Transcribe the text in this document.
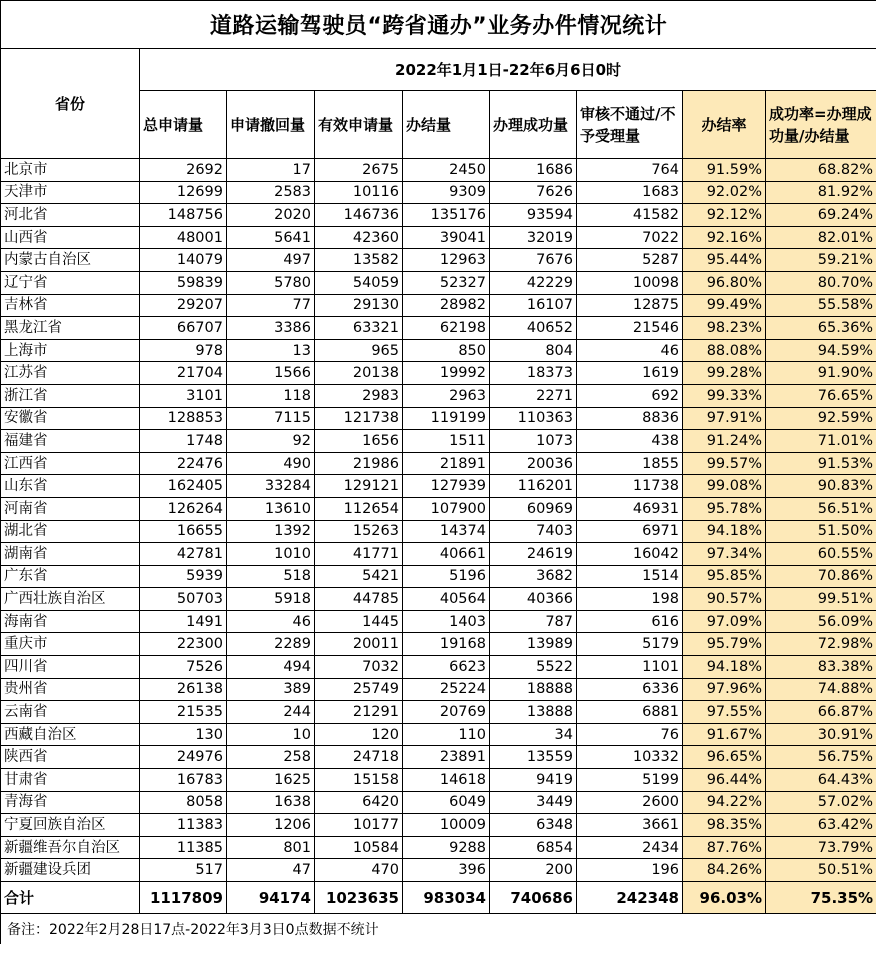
道路运输驾驶员“跨省通办”业务办件情况统计								
省份	2022年1月1日-22年6月6日0时							
	总申请量	申请撤回量	有效申请量	办结量	办理成功量	审核不通过/不予受理量	办结率	成功率=办理成功量/办结量
北京市	2692	17	2675	2450	1686	764	91.59%	68.82%
天津市	12699	2583	10116	9309	7626	1683	92.02%	81.92%
河北省	148756	2020	146736	135176	93594	41582	92.12%	69.24%
山西省	48001	5641	42360	39041	32019	7022	92.16%	82.01%
内蒙古自治区	14079	497	13582	12963	7676	5287	95.44%	59.21%
辽宁省	59839	5780	54059	52327	42229	10098	96.80%	80.70%
吉林省	29207	77	29130	28982	16107	12875	99.49%	55.58%
黑龙江省	66707	3386	63321	62198	40652	21546	98.23%	65.36%
上海市	978	13	965	850	804	46	88.08%	94.59%
江苏省	21704	1566	20138	19992	18373	1619	99.28%	91.90%
浙江省	3101	118	2983	2963	2271	692	99.33%	76.65%
安徽省	128853	7115	121738	119199	110363	8836	97.91%	92.59%
福建省	1748	92	1656	1511	1073	438	91.24%	71.01%
江西省	22476	490	21986	21891	20036	1855	99.57%	91.53%
山东省	162405	33284	129121	127939	116201	11738	99.08%	90.83%
河南省	126264	13610	112654	107900	60969	46931	95.78%	56.51%
湖北省	16655	1392	15263	14374	7403	6971	94.18%	51.50%
湖南省	42781	1010	41771	40661	24619	16042	97.34%	60.55%
广东省	5939	518	5421	5196	3682	1514	95.85%	70.86%
广西壮族自治区	50703	5918	44785	40564	40366	198	90.57%	99.51%
海南省	1491	46	1445	1403	787	616	97.09%	56.09%
重庆市	22300	2289	20011	19168	13989	5179	95.79%	72.98%
四川省	7526	494	7032	6623	5522	1101	94.18%	83.38%
贵州省	26138	389	25749	25224	18888	6336	97.96%	74.88%
云南省	21535	244	21291	20769	13888	6881	97.55%	66.87%
西藏自治区	130	10	120	110	34	76	91.67%	30.91%
陕西省	24976	258	24718	23891	13559	10332	96.65%	56.75%
甘肃省	16783	1625	15158	14618	9419	5199	96.44%	64.43%
青海省	8058	1638	6420	6049	3449	2600	94.22%	57.02%
宁夏回族自治区	11383	1206	10177	10009	6348	3661	98.35%	63.42%
新疆维吾尔自治区	11385	801	10584	9288	6854	2434	87.76%	73.79%
新疆建设兵团	517	47	470	396	200	196	84.26%	50.51%
合计	1117809	94174	1023635	983034	740686	242348	96.03%	75.35%
备注：2022年2月28日17点-2022年3月3日0点数据不统计								
